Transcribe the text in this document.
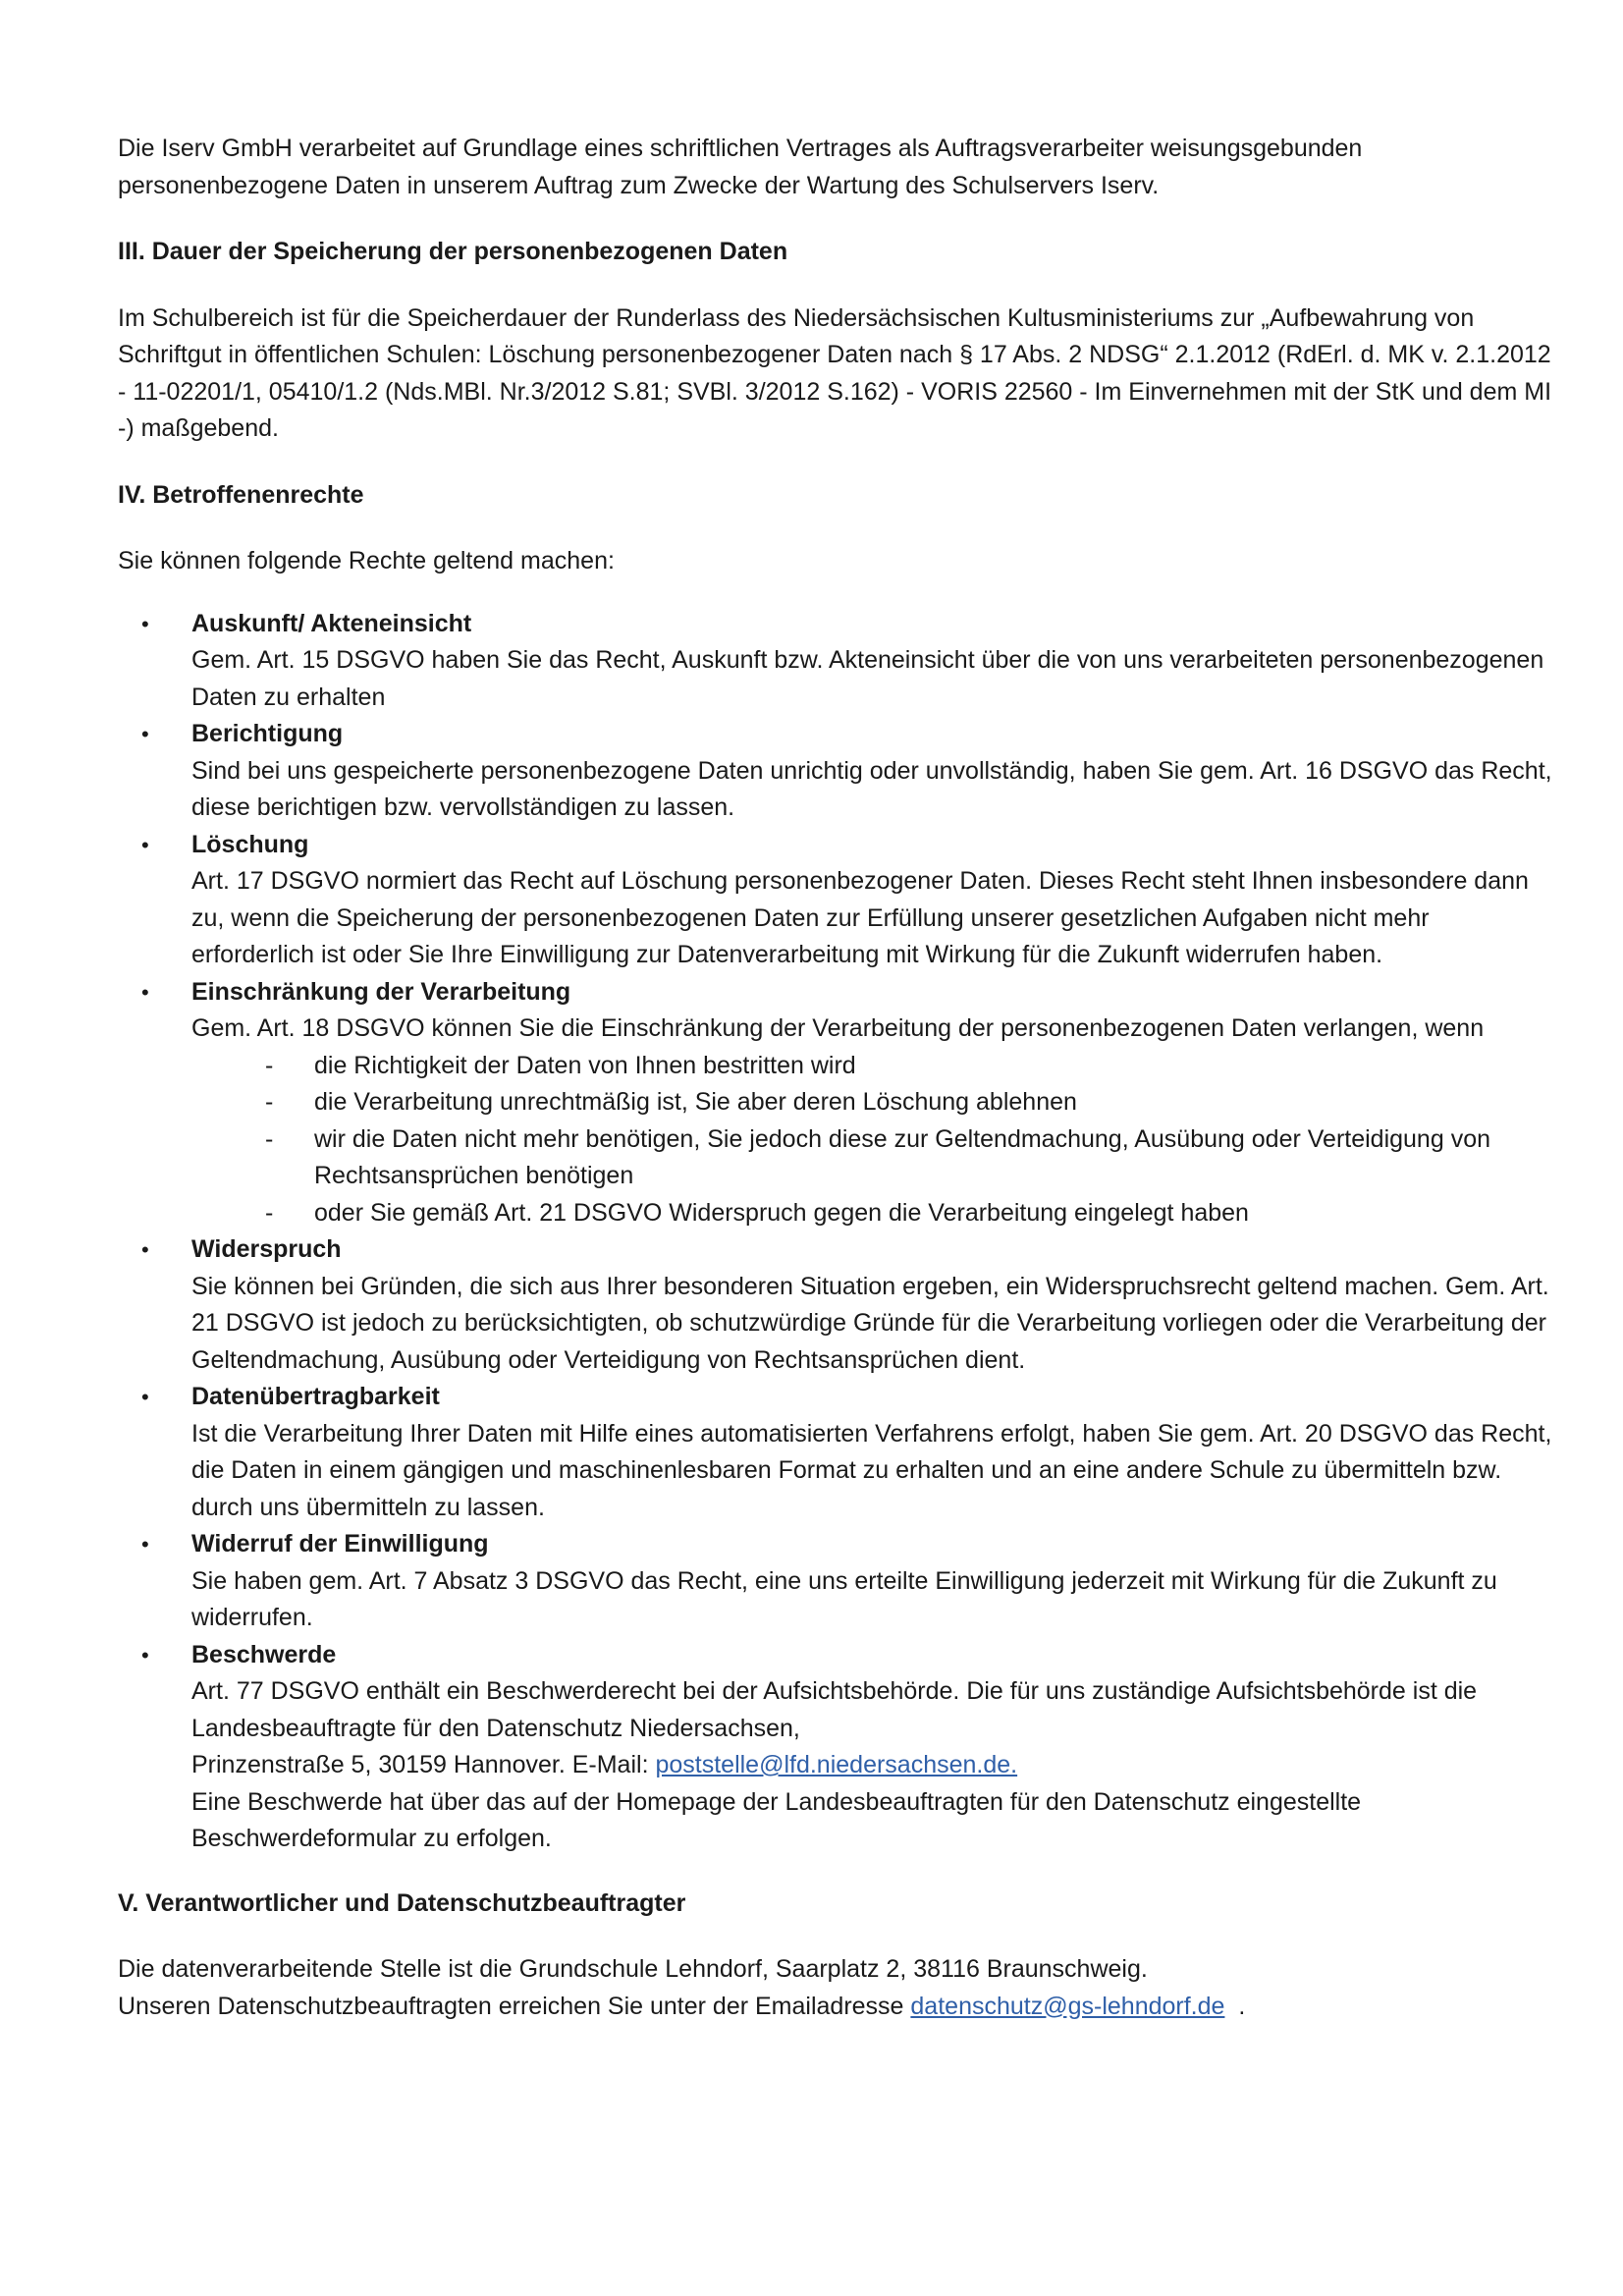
Die Iserv GmbH verarbeitet auf Grundlage eines schriftlichen Vertrages als Auftragsverarbeiter weisungsgebunden personenbezogene Daten in unserem Auftrag zum Zwecke der Wartung des Schulservers Iserv.

III. Dauer der Speicherung der personenbezogenen Daten

Im Schulbereich ist für die Speicherdauer der Runderlass des Niedersächsischen Kultusministeriums zur „Aufbewahrung von Schriftgut in öffentlichen Schulen: Löschung personenbezogener Daten nach § 17 Abs. 2 NDSG“ 2.1.2012 (RdErl. d. MK v. 2.1.2012 - 11-02201/1, 05410/1.2 (Nds.MBl. Nr.3/2012 S.81; SVBl. 3/2012 S.162) - VORIS 22560 - Im Einvernehmen mit der StK und dem MI -) maßgebend.

IV. Betroffenenrechte

Sie können folgende Rechte geltend machen:

• Auskunft/ Akteneinsicht
Gem. Art. 15 DSGVO haben Sie das Recht, Auskunft bzw. Akteneinsicht über die von uns verarbeiteten personenbezogenen Daten zu erhalten
• Berichtigung
Sind bei uns gespeicherte personenbezogene Daten unrichtig oder unvollständig, haben Sie gem. Art. 16 DSGVO das Recht, diese berichtigen bzw. vervollständigen zu lassen.
• Löschung
Art. 17 DSGVO normiert das Recht auf Löschung personenbezogener Daten. Dieses Recht steht Ihnen insbesondere dann zu, wenn die Speicherung der personenbezogenen Daten zur Erfüllung unserer gesetzlichen Aufgaben nicht mehr erforderlich ist oder Sie Ihre Einwilligung zur Datenverarbeitung mit Wirkung für die Zukunft widerrufen haben.
• Einschränkung der Verarbeitung
Gem. Art. 18 DSGVO können Sie die Einschränkung der Verarbeitung der personenbezogenen Daten verlangen, wenn
- die Richtigkeit der Daten von Ihnen bestritten wird
- die Verarbeitung unrechtmäßig ist, Sie aber deren Löschung ablehnen
- wir die Daten nicht mehr benötigen, Sie jedoch diese zur Geltendmachung, Ausübung oder Verteidigung von Rechtsansprüchen benötigen
- oder Sie gemäß Art. 21 DSGVO Widerspruch gegen die Verarbeitung eingelegt haben
• Widerspruch
Sie können bei Gründen, die sich aus Ihrer besonderen Situation ergeben, ein Widerspruchsrecht geltend machen. Gem. Art. 21 DSGVO ist jedoch zu berücksichtigten, ob schutzwürdige Gründe für die Verarbeitung vorliegen oder die Verarbeitung der Geltendmachung, Ausübung oder Verteidigung von Rechtsansprüchen dient.
• Datenübertragbarkeit
Ist die Verarbeitung Ihrer Daten mit Hilfe eines automatisierten Verfahrens erfolgt, haben Sie gem. Art. 20 DSGVO das Recht, die Daten in einem gängigen und maschinenlesbaren Format zu erhalten und an eine andere Schule zu übermitteln bzw. durch uns übermitteln zu lassen.
• Widerruf der Einwilligung
Sie haben gem. Art. 7 Absatz 3 DSGVO das Recht, eine uns erteilte Einwilligung jederzeit mit Wirkung für die Zukunft zu widerrufen.
• Beschwerde
Art. 77 DSGVO enthält ein Beschwerderecht bei der Aufsichtsbehörde. Die für uns zuständige Aufsichtsbehörde ist die Landesbeauftragte für den Datenschutz Niedersachsen,
Prinzenstraße 5, 30159 Hannover. E-Mail: poststelle@lfd.niedersachsen.de.
Eine Beschwerde hat über das auf der Homepage der Landesbeauftragten für den Datenschutz eingestellte Beschwerdeformular zu erfolgen.
V. Verantwortlicher und Datenschutzbeauftragter

Die datenverarbeitende Stelle ist die Grundschule Lehndorf, Saarplatz 2, 38116 Braunschweig.
Unseren Datenschutzbeauftragten erreichen Sie unter der Emailadresse datenschutz@gs-lehndorf.de  .
